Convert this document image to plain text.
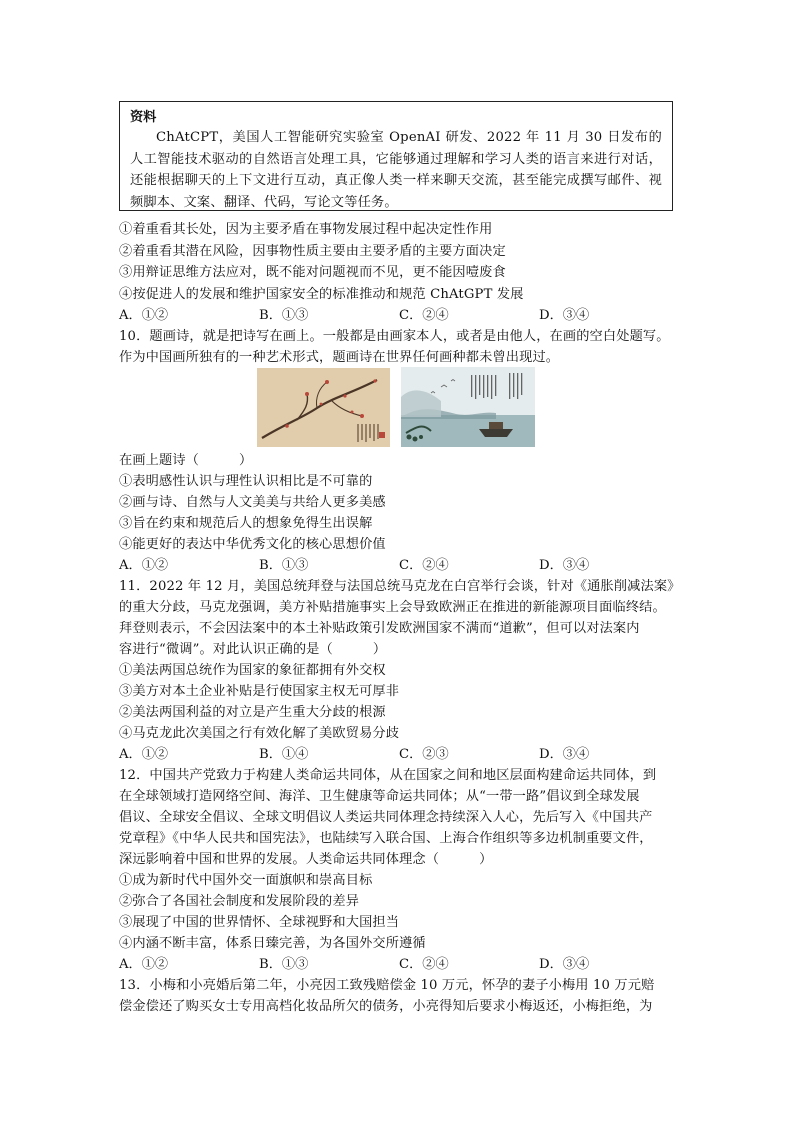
资料
ChAtCPT，美国人工智能研究实验室 OpenAI 研发、2022 年 11 月 30 日发布的人工智能技术驱动的自然语言处理工具，它能够通过理解和学习人类的语言来进行对话，还能根据聊天的上下文进行互动，真正像人类一样来聊天交流，甚至能完成撰写邮件、视频脚本、文案、翻译、代码，写论文等任务。
①着重看其长处，因为主要矛盾在事物发展过程中起决定性作用
②着重看其潜在风险，因事物性质主要由主要矛盾的主要方面决定
③用辩证思维方法应对，既不能对问题视而不见，更不能因噎废食
④按促进人的发展和维护国家安全的标准推动和规范 ChAtGPT 发展
A．①②	B．①③	C．②④	D．③④
10．题画诗，就是把诗写在画上。一般都是由画家本人，或者是由他人，在画的空白处题写。
作为中国画所独有的一种艺术形式，题画诗在世界任何画种都未曾出现过。
在画上题诗（　　　）
①表明感性认识与理性认识相比是不可靠的
②画与诗、自然与人文美美与共给人更多美感
③旨在约束和规范后人的想象免得生出误解
④能更好的表达中华优秀文化的核心思想价值
A．①②	B．①③	C．②④	D．③④
11．2022 年 12 月，美国总统拜登与法国总统马克龙在白宫举行会谈，针对《通胀削减法案》
的重大分歧，马克龙强调，美方补贴措施事实上会导致欧洲正在推进的新能源项目面临终结。
拜登则表示，不会因法案中的本土补贴政策引发欧洲国家不满而“道歉”，但可以对法案内
容进行“微调”。对此认识正确的是（　　　）
①美法两国总统作为国家的象征都拥有外交权
③美方对本土企业补贴是行使国家主权无可厚非
②美法两国利益的对立是产生重大分歧的根源
④马克龙此次美国之行有效化解了美欧贸易分歧
A．①②	B．①④	C．②③	D．③④
12．中国共产党致力于构建人类命运共同体，从在国家之间和地区层面构建命运共同体，到
在全球领域打造网络空间、海洋、卫生健康等命运共同体；从“一带一路”倡议到全球发展
倡议、全球安全倡议、全球文明倡议人类运共同体理念持续深入人心，先后写入《中国共产
党章程》《中华人民共和国宪法》，也陆续写入联合国、上海合作组织等多边机制重要文件，
深远影响着中国和世界的发展。人类命运共同体理念（　　　）
①成为新时代中国外交一面旗帜和崇高目标
②弥合了各国社会制度和发展阶段的差异
③展现了中国的世界情怀、全球视野和大国担当
④内涵不断丰富，体系日臻完善，为各国外交所遵循
A．①②	B．①③	C．②④	D．③④
13．小梅和小亮婚后第二年，小亮因工致残赔偿金 10 万元，怀孕的妻子小梅用 10 万元赔
偿金偿还了购买女士专用高档化妆品所欠的债务，小亮得知后要求小梅返还，小梅拒绝，为
